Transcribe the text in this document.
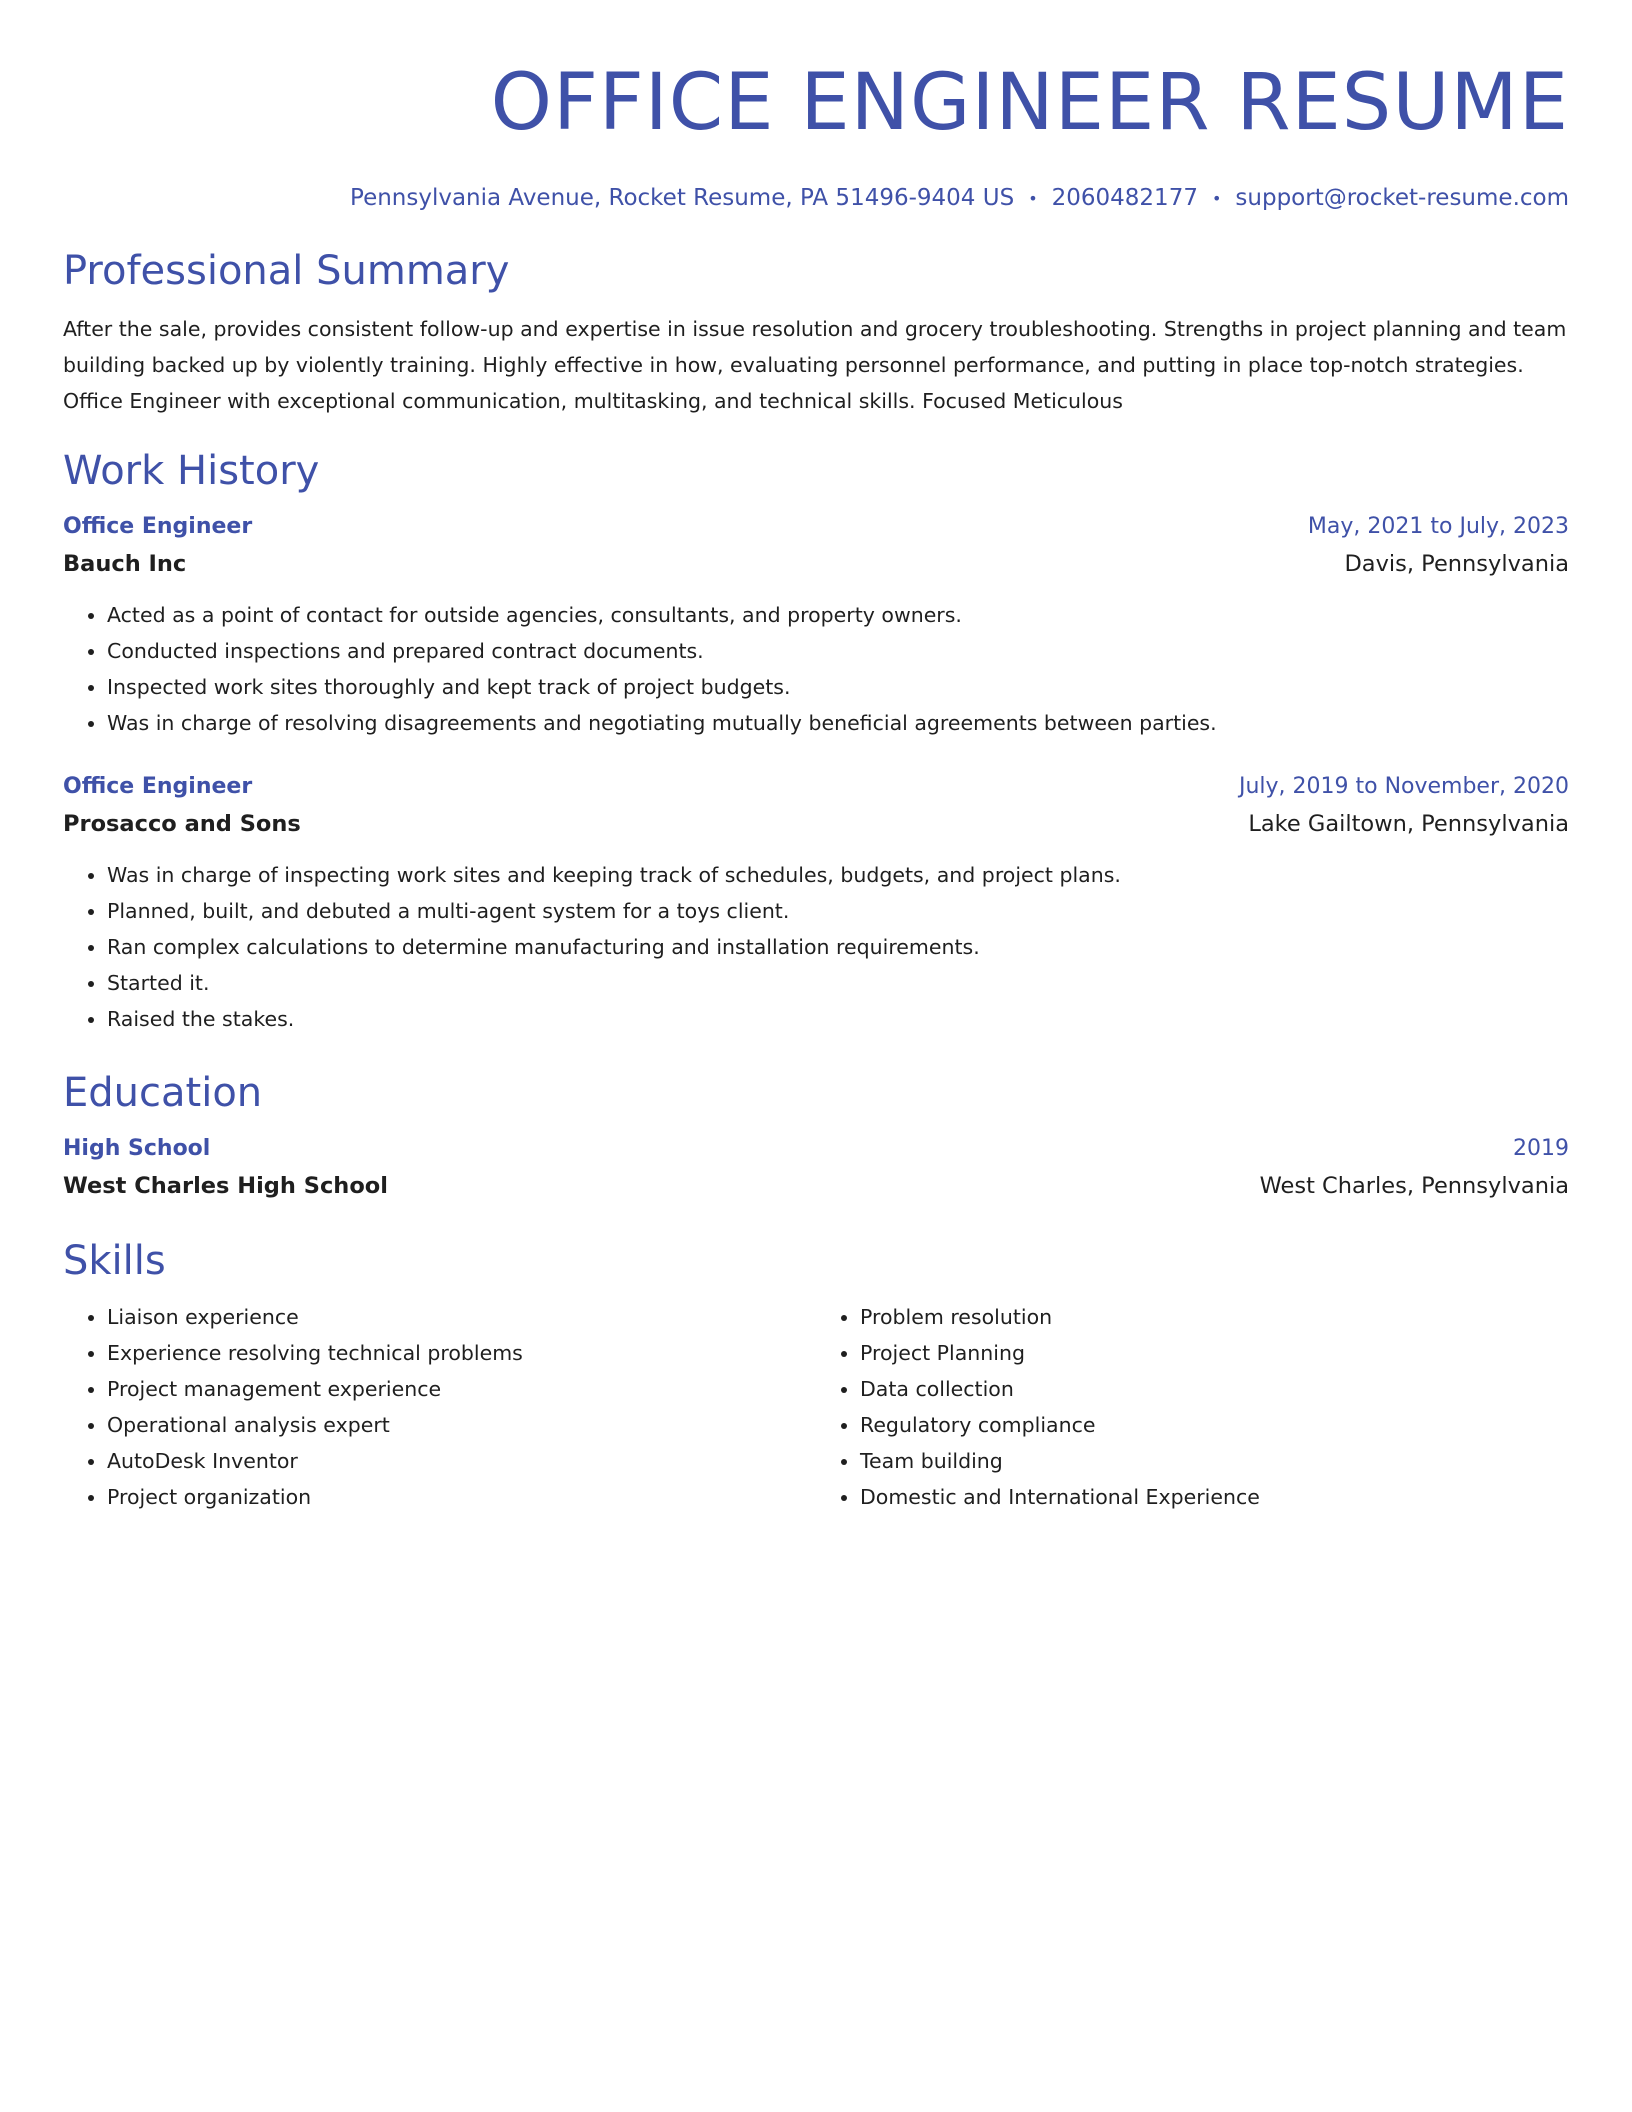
OFFICE ENGINEER RESUME
Pennsylvania Avenue, Rocket Resume, PA 51496-9404 US • 2060482177 • support@rocket-resume.com
Professional Summary

After the sale, provides consistent follow-up and expertise in issue resolution and grocery troubleshooting. Strengths in project planning and team building backed up by violently training. Highly effective in how, evaluating personnel performance, and putting in place top-notch strategies. Office Engineer with exceptional communication, multitasking, and technical skills. Focused Meticulous

Work History
Office Engineer	May, 2021 to July, 2023
Bauch Inc	Davis, Pennsylvania
• Acted as a point of contact for outside agencies, consultants, and property owners.
• Conducted inspections and prepared contract documents.
• Inspected work sites thoroughly and kept track of project budgets.
• Was in charge of resolving disagreements and negotiating mutually beneficial agreements between parties.
Office Engineer	July, 2019 to November, 2020
Prosacco and Sons	Lake Gailtown, Pennsylvania
• Was in charge of inspecting work sites and keeping track of schedules, budgets, and project plans.
• Planned, built, and debuted a multi-agent system for a toys client.
• Ran complex calculations to determine manufacturing and installation requirements.
• Started it.
• Raised the stakes.
Education
High School	2019
West Charles High School	West Charles, Pennsylvania
Skills
• Liaison experience
• Experience resolving technical problems
• Project management experience
• Operational analysis expert
• AutoDesk Inventor
• Project organization
• Problem resolution
• Project Planning
• Data collection
• Regulatory compliance
• Team building
• Domestic and International Experience
